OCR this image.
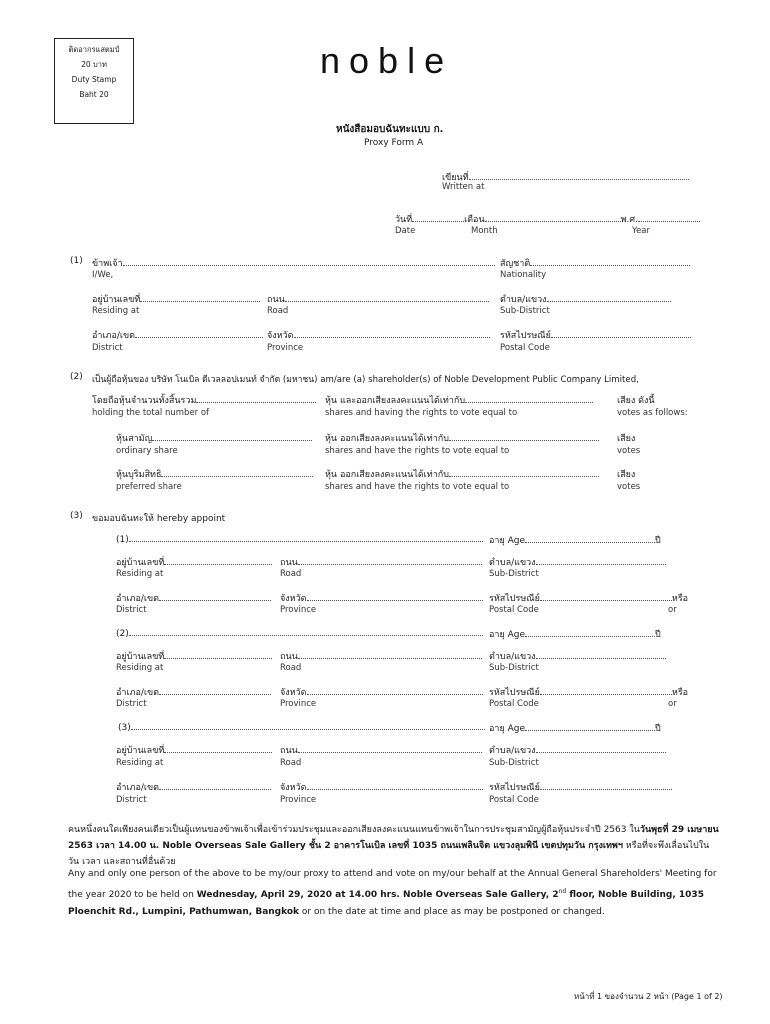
ติดอากรแสตมป์
20 บาท
Duty Stamp
Baht 20
noble
หนังสือมอบฉันทะแบบ ก.
Proxy Form A
เขียนที่
Written at
วันที่	เดือน	พ.ศ.
Date	Month	Year
(1) ข้าพเจ้า	สัญชาติ
I/We,	Nationality
อยู่บ้านเลขที่	ถนน	ตำบล/แขวง
Residing at	Road	Sub-District
อำเภอ/เขต	จังหวัด	รหัสไปรษณีย์
District	Province	Postal Code
(2) เป็นผู้ถือหุ้นของ บริษัท โนเบิล ดีเวลลอปเมนท์ จำกัด (มหาชน) am/are (a) shareholder(s) of Noble Development Public Company Limited,
โดยถือหุ้นจำนวนทั้งสิ้นรวม	หุ้น และออกเสียงลงคะแนนได้เท่ากับ	เสียง ดังนี้
holding the total number of	shares and having the rights to vote equal to	votes as follows:
หุ้นสามัญ	หุ้น ออกเสียงลงคะแนนได้เท่ากับ	เสียง
ordinary share	shares and have the rights to vote equal to	votes
หุ้นบุริมสิทธิ	หุ้น ออกเสียงลงคะแนนได้เท่ากับ	เสียง
preferred share	shares and have the rights to vote equal to	votes
(3) ขอมอบฉันทะให้ hereby appoint
(1)	อายุ Age	ปี
อยู่บ้านเลขที่	ถนน	ตำบล/แขวง
Residing at	Road	Sub-District
อำเภอ/เขต	จังหวัด	รหัสไปรษณีย์	หรือ
District	Province	Postal Code	or
(2)	อายุ Age	ปี
อยู่บ้านเลขที่	ถนน	ตำบล/แขวง
Residing at	Road	Sub-District
อำเภอ/เขต	จังหวัด	รหัสไปรษณีย์	หรือ
District	Province	Postal Code	or
(3)	อายุ Age	ปี
อยู่บ้านเลขที่	ถนน	ตำบล/แขวง
Residing at	Road	Sub-District
อำเภอ/เขต	จังหวัด	รหัสไปรษณีย์
District	Province	Postal Code
คนหนึ่งคนใดเพียงคนเดียวเป็นผู้แทนของข้าพเจ้าเพื่อเข้าร่วมประชุมและออกเสียงลงคะแนนแทนข้าพเจ้าในการประชุมสามัญผู้ถือหุ้นประจำปี 2563 ในวันพุธที่ 29 เมษายน 2563 เวลา 14.00 น. Noble Overseas Sale Gallery ชั้น 2 อาคารโนเบิล เลขที่ 1035 ถนนเพลินจิต แขวงลุมพินี เขตปทุมวัน กรุงเทพฯ หรือที่จะพึงเลื่อนไปในวัน เวลา และสถานที่อื่นด้วย
Any and only one person of the above to be my/our proxy to attend and vote on my/our behalf at the Annual General Shareholders' Meeting for the year 2020 to be held on Wednesday, April 29, 2020 at 14.00 hrs. Noble Overseas Sale Gallery, 2nd floor, Noble Building, 1035 Ploenchit Rd., Lumpini, Pathumwan, Bangkok or on the date at time and place as may be postponed or changed.
หน้าที่ 1 ของจำนวน 2 หน้า (Page 1 of 2)
